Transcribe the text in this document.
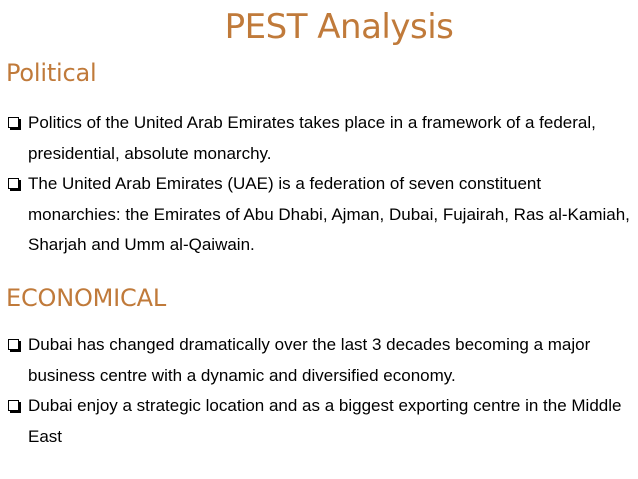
PEST Analysis
Political
Politics of the United Arab Emirates takes place in a framework of a federal, presidential, absolute monarchy.
The United Arab Emirates (UAE) is a federation of seven constituent monarchies: the Emirates of Abu Dhabi, Ajman, Dubai, Fujairah, Ras al-Kamiah, Sharjah and Umm al-Qaiwain.
ECONOMICAL
Dubai has changed dramatically over the last 3 decades becoming a major business centre with a dynamic and diversified economy.
Dubai enjoy a strategic location and as a biggest exporting centre in the Middle East
